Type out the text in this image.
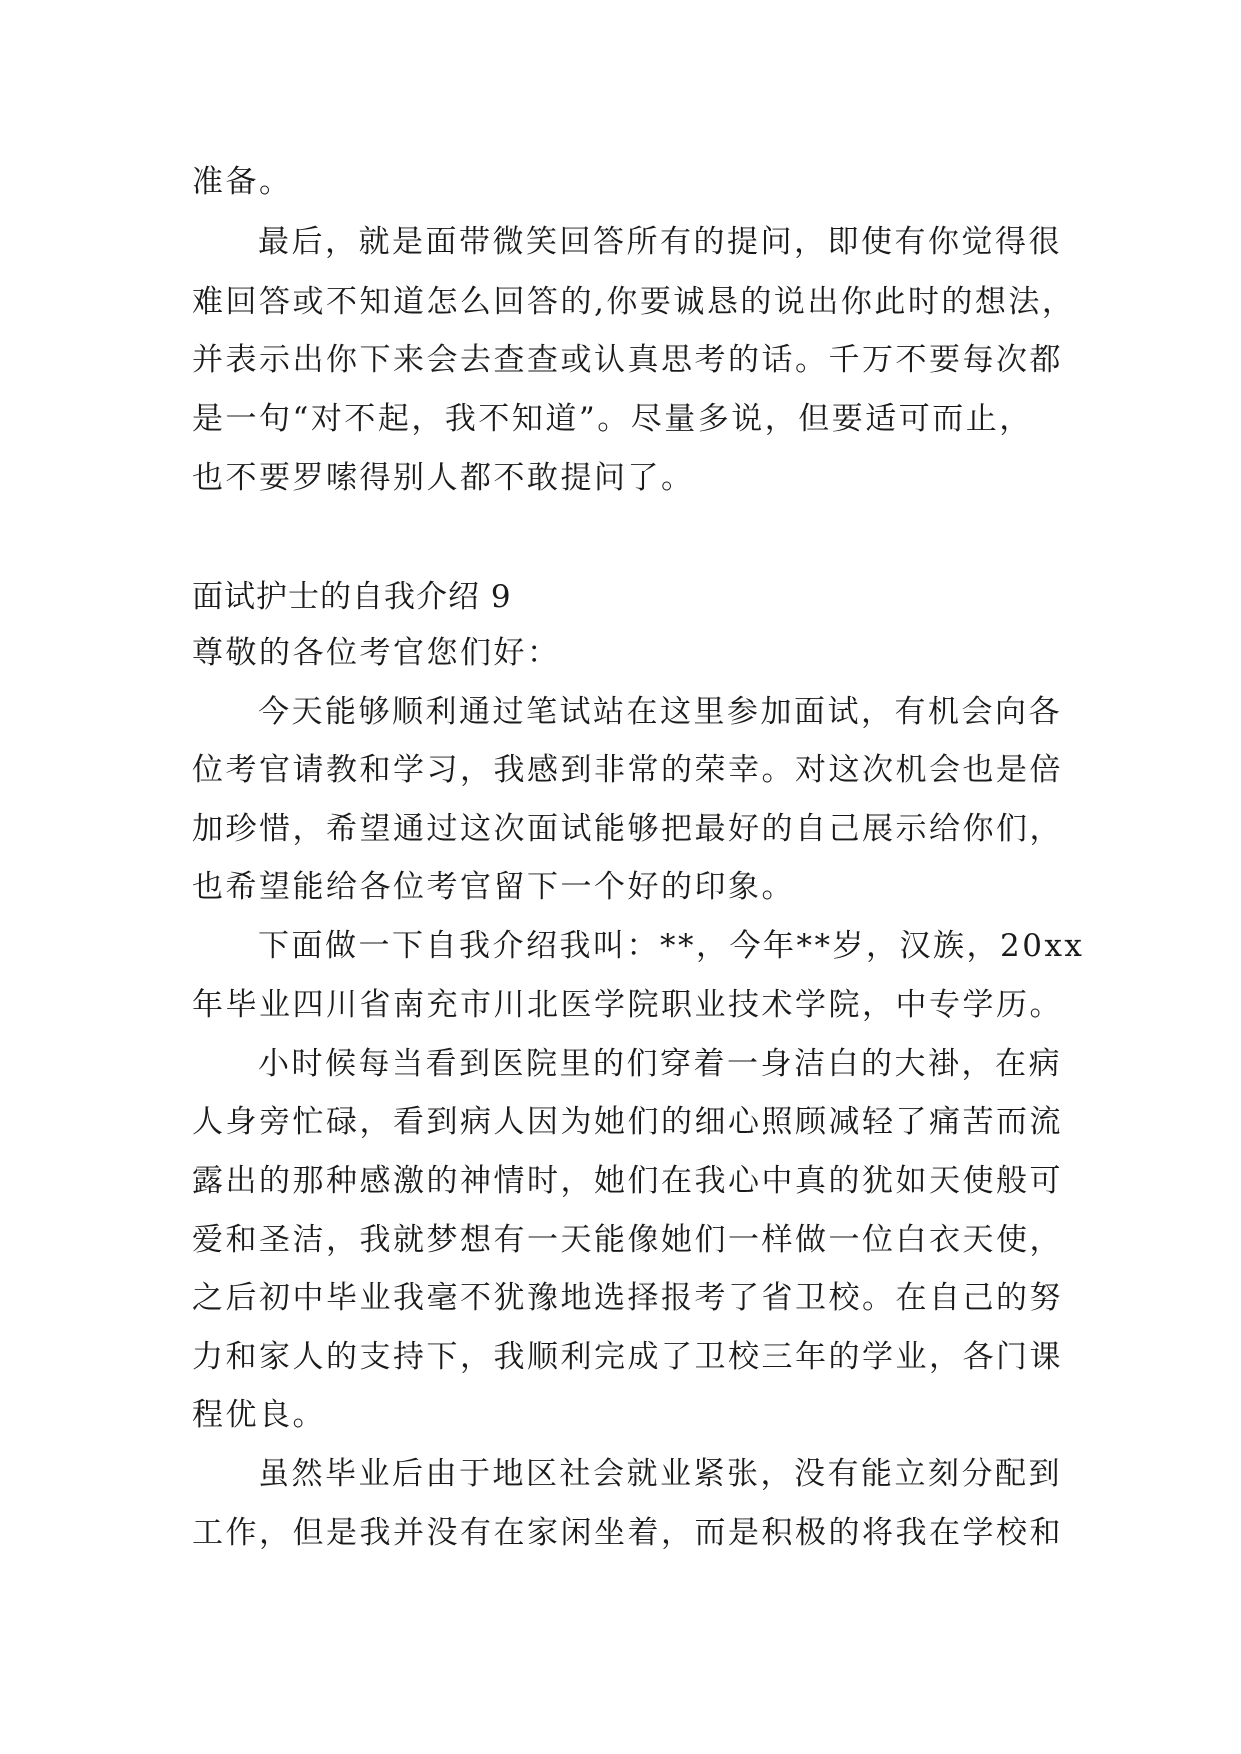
准备。
最后，就是面带微笑回答所有的提问，即使有你觉得很
难回答或不知道怎么回答的,你要诚恳的说出你此时的想法，
并表示出你下来会去查查或认真思考的话。千万不要每次都
是一句“对不起，我不知道”。尽量多说，但要适可而止，
也不要罗嗦得别人都不敢提问了。
面试护士的自我介绍 9
尊敬的各位考官您们好：
今天能够顺利通过笔试站在这里参加面试，有机会向各
位考官请教和学习，我感到非常的荣幸。对这次机会也是倍
加珍惜，希望通过这次面试能够把最好的自己展示给你们，
也希望能给各位考官留下一个好的印象。
下面做一下自我介绍我叫：**，今年**岁，汉族，20xx
年毕业四川省南充市川北医学院职业技术学院，中专学历。
小时候每当看到医院里的们穿着一身洁白的大褂，在病
人身旁忙碌，看到病人因为她们的细心照顾减轻了痛苦而流
露出的那种感激的神情时，她们在我心中真的犹如天使般可
爱和圣洁，我就梦想有一天能像她们一样做一位白衣天使，
之后初中毕业我毫不犹豫地选择报考了省卫校。在自己的努
力和家人的支持下，我顺利完成了卫校三年的学业，各门课
程优良。
虽然毕业后由于地区社会就业紧张，没有能立刻分配到
工作，但是我并没有在家闲坐着，而是积极的将我在学校和
